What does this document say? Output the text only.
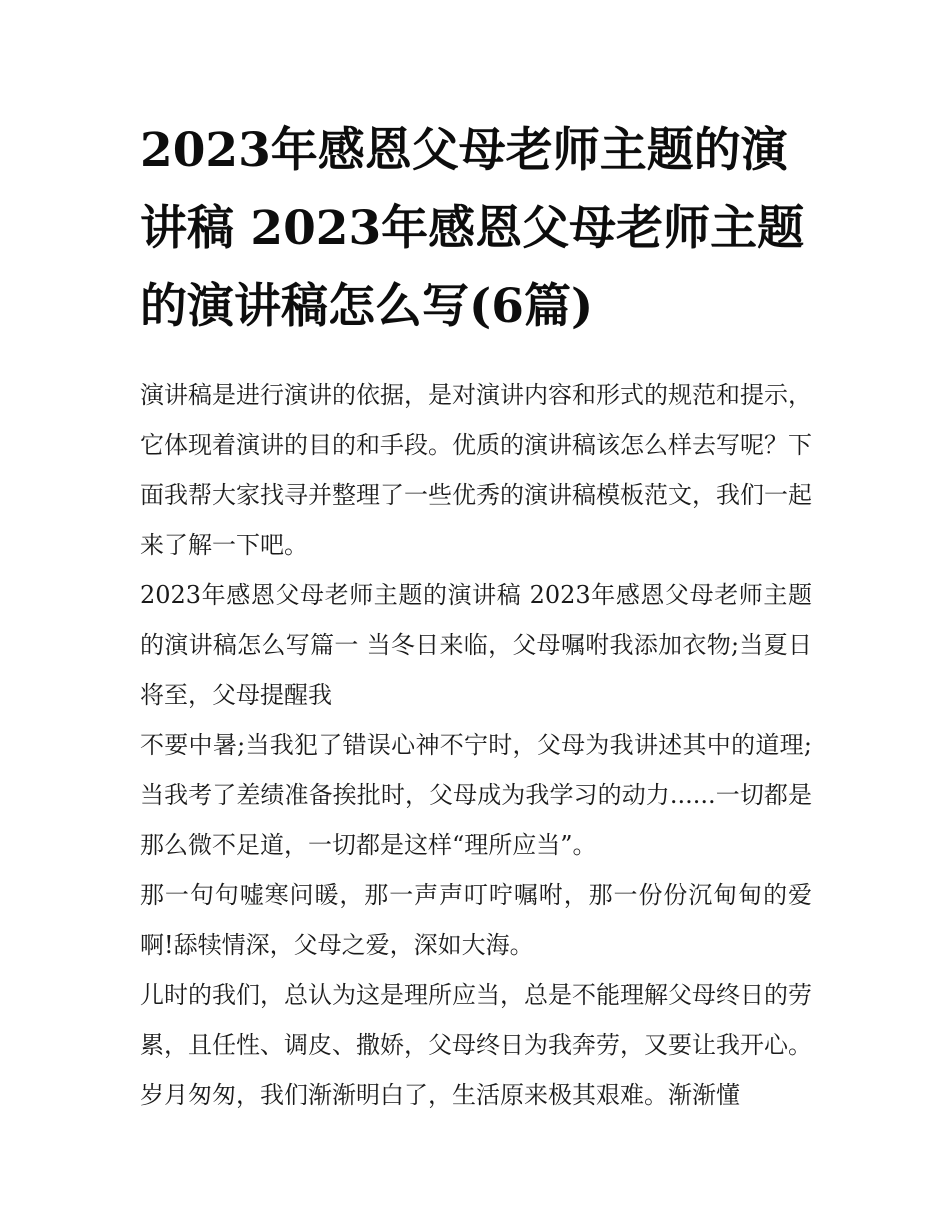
2023年感恩父母老师主题的演讲稿 2023年感恩父母老师主题的演讲稿怎么写(6篇)

演讲稿是进行演讲的依据，是对演讲内容和形式的规范和提示，它体现着演讲的目的和手段。优质的演讲稿该怎么样去写呢？下面我帮大家找寻并整理了一些优秀的演讲稿模板范文，我们一起来了解一下吧。

2023年感恩父母老师主题的演讲稿 2023年感恩父母老师主题的演讲稿怎么写篇一 当冬日来临，父母嘱咐我添加衣物;当夏日将至，父母提醒我

不要中暑;当我犯了错误心神不宁时，父母为我讲述其中的道理;当我考了差绩准备挨批时，父母成为我学习的动力......一切都是那么微不足道，一切都是这样“理所应当”。

那一句句嘘寒问暖，那一声声叮咛嘱咐，那一份份沉甸甸的爱啊!舔犊情深，父母之爱，深如大海。

儿时的我们，总认为这是理所应当，总是不能理解父母终日的劳累，且任性、调皮、撒娇，父母终日为我奔劳，又要让我开心。岁月匆匆，我们渐渐明白了，生活原来极其艰难。渐渐懂
